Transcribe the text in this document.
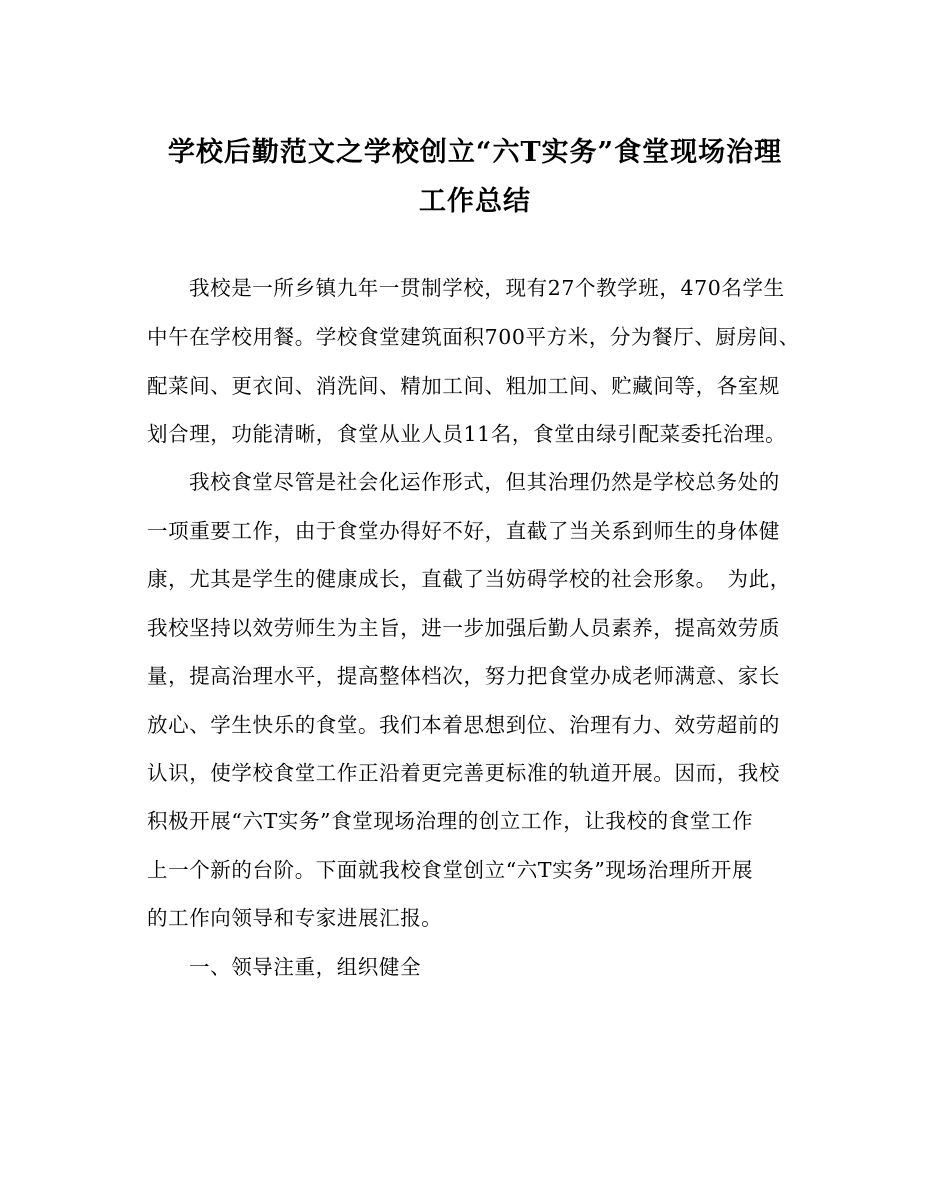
学校后勤范文之学校创立“六T实务”食堂现场治理
工作总结
我校是一所乡镇九年一贯制学校，现有27个教学班，470名学生
中午在学校用餐。学校食堂建筑面积700平方米，分为餐厅、厨房间、
配菜间、更衣间、消洗间、精加工间、粗加工间、贮藏间等，各室规
划合理，功能清晰，食堂从业人员11名，食堂由绿引配菜委托治理。
我校食堂尽管是社会化运作形式，但其治理仍然是学校总务处的
一项重要工作，由于食堂办得好不好，直截了当关系到师生的身体健
康，尤其是学生的健康成长，直截了当妨碍学校的社会形象。　为此，
我校坚持以效劳师生为主旨，进一步加强后勤人员素养，提高效劳质
量，提高治理水平，提高整体档次，努力把食堂办成老师满意、家长
放心、学生快乐的食堂。我们本着思想到位、治理有力、效劳超前的
认识，使学校食堂工作正沿着更完善更标准的轨道开展。因而，我校
积极开展“六T实务”食堂现场治理的创立工作，让我校的食堂工作
上一个新的台阶。下面就我校食堂创立“六T实务”现场治理所开展
的工作向领导和专家进展汇报。
一、领导注重，组织健全
